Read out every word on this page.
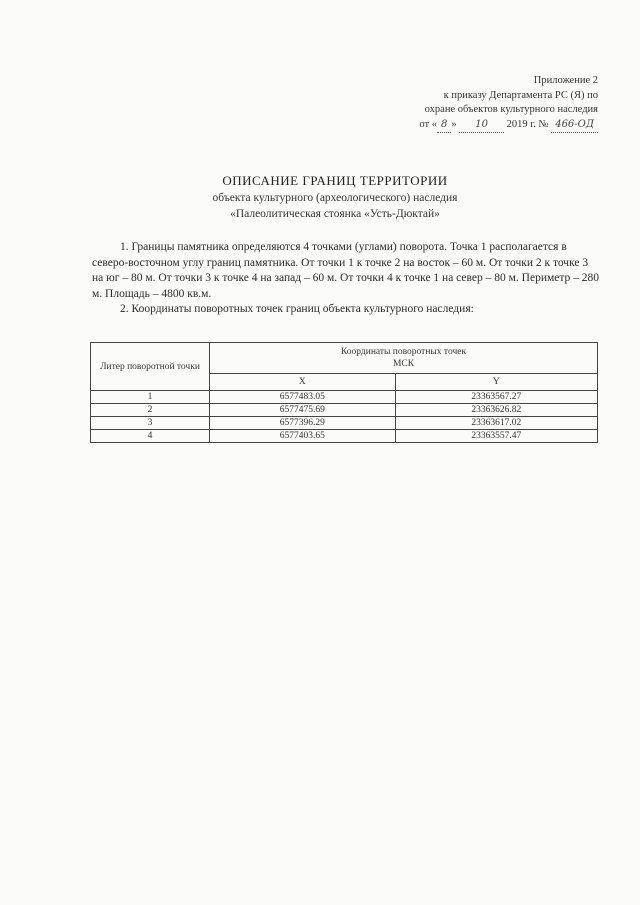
Приложение 2
к приказу Департамента РС (Я) по
охране объектов культурного наследия
от « 8 » 10 2019 г. № 466-ОД
ОПИСАНИЕ ГРАНИЦ ТЕРРИТОРИИ
объекта культурного (археологического) наследия
«Палеолитическая стоянка «Усть-Дюктай»

1. Границы памятника определяются 4 точками (углами) поворота. Точка 1 располагается в северо-восточном углу границ памятника. От точки 1 к точке 2 на восток – 60 м. От точки 2 к точке 3 на юг – 80 м. От точки 3 к точке 4 на запад – 60 м. От точки 4 к точке 1 на север – 80 м. Периметр – 280 м. Площадь – 4800 кв.м.

2. Координаты поворотных точек границ объекта культурного наследия:

Литер поворотной точки	Координаты поворотных точек
МСК	

	X	Y
1	6577483.05	23363567.27
2	6577475.69	23363626.82
3	6577396.29	23363617.02
4	6577403.65	23363557.47
